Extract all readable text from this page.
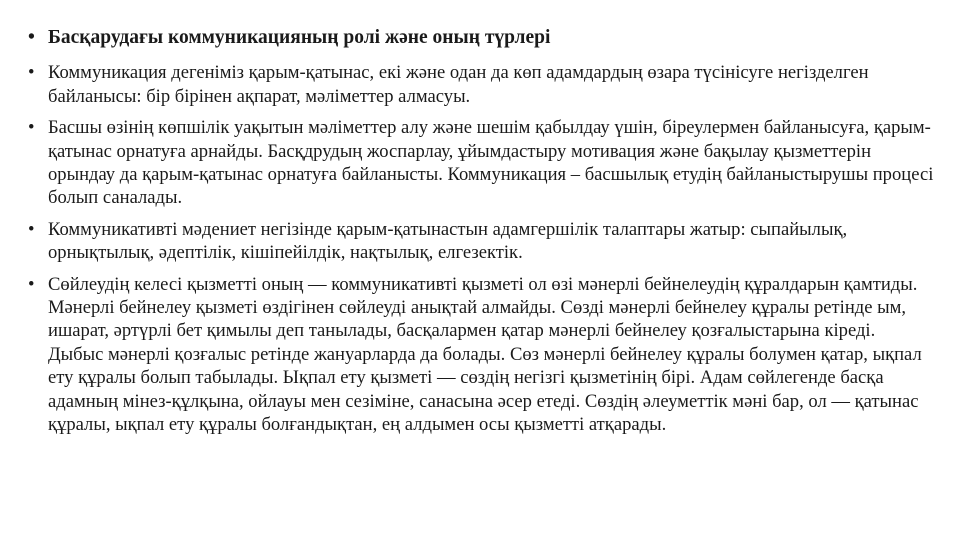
• Басқарудағы коммуникацияның ролі және оның түрлері
• Коммуникация дегеніміз қарым-қатынас, екі және одан да көп адамдардың өзара түсінісуге негізделген байланысы: бір бірінен ақпарат, мәліметтер алмасуы.
• Басшы өзінің көпшілік уақытын мәліметтер алу және шешім қабылдау үшін, біреулермен байланысуға, қарым-қатынас орнатуға арнайды. Басқдрудың жоспарлау, ұйымдастыру мотивация және бақылау қызметтерін орындау да қарым-қатынас орнатуға байланысты. Коммуникация – басшылық етудің байланыстырушы процесі болып саналады.
• Коммуникативті мәдениет негізінде қарым-қатынастын адамгершілік талаптары жатыр: сыпайылық, орнықтылық, әдептілік, кішіпейілдік, нақтылық, елгезектік.
• Сөйлеудің келесі қызметті оның — коммуникативті қызметі ол өзі мәнерлі бейнелеудің құралдарын қамтиды. Мәнерлі бейнелеу қызметі өздігінен сөйлеуді анықтай алмайды. Сөзді мәнерлі бейнелеу құралы ретінде ым, ишарат, әртүрлі бет қимылы деп танылады, басқалармен қатар мәнерлі бейнелеу қозғалыстарына кіреді. Дыбыс мәнерлі қозғалыс ретінде жануарларда да болады. Сөз мәнерлі бейнелеу құралы болумен қатар, ықпал ету құралы болып табылады. Ықпал ету қызметі — сөздің негізгі қызметінің бірі. Адам сөйлегенде басқа адамның мінез-құлқына, ойлауы мен сезіміне, санасына әсер етеді. Сөздің әлеуметтік мәні бар, ол — қатынас құралы, ықпал ету құралы болғандықтан, ең алдымен осы қызметті атқарады.
